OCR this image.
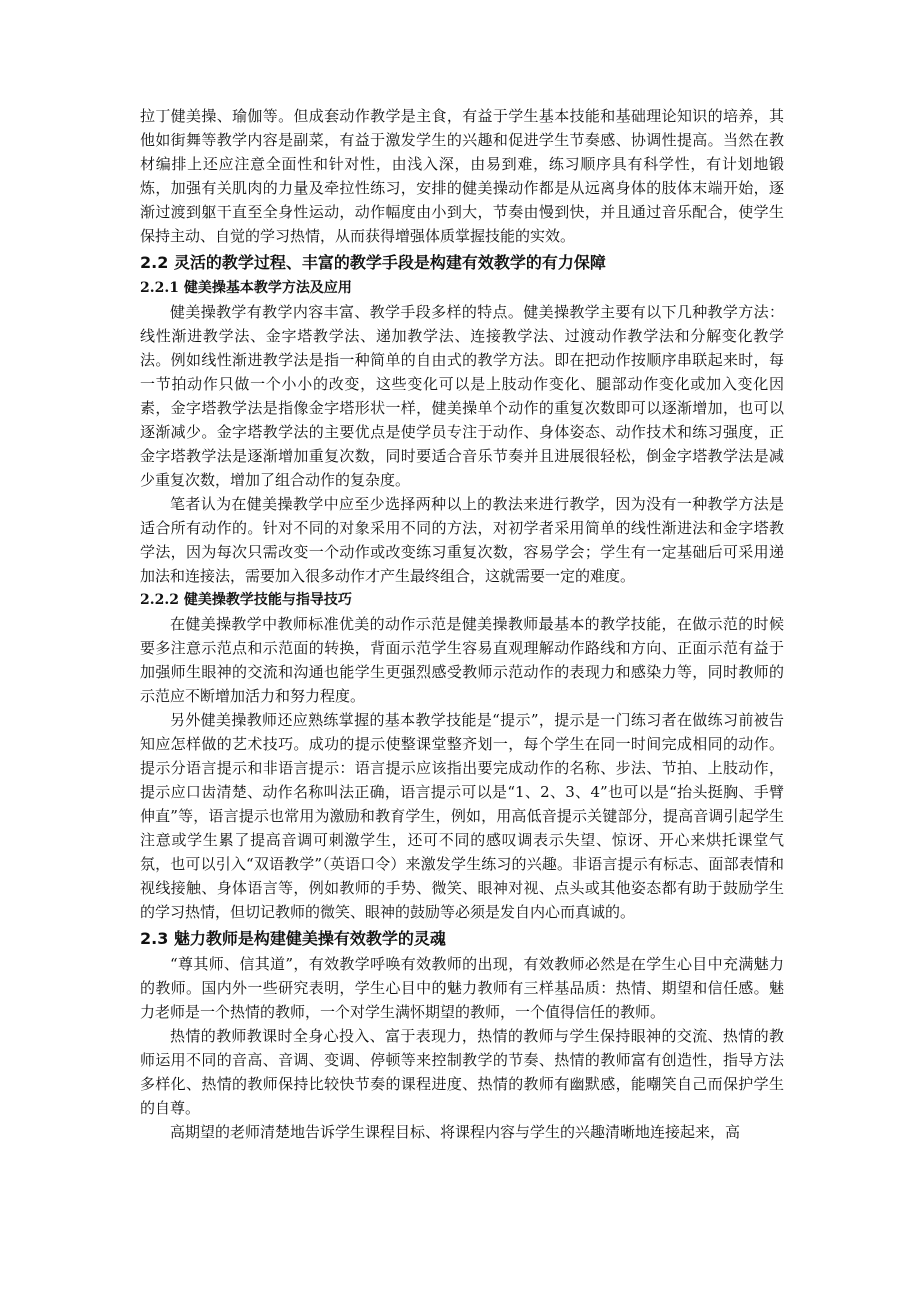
拉丁健美操、瑜伽等。但成套动作教学是主食，有益于学生基本技能和基础理论知识的培养，其他如街舞等教学内容是副菜，有益于激发学生的兴趣和促进学生节奏感、协调性提高。当然在教材编排上还应注意全面性和针对性，由浅入深，由易到难，练习顺序具有科学性，有计划地锻炼，加强有关肌肉的力量及牵拉性练习，安排的健美操动作都是从远离身体的肢体末端开始，逐渐过渡到躯干直至全身性运动，动作幅度由小到大，节奏由慢到快，并且通过音乐配合，使学生保持主动、自觉的学习热情，从而获得增强体质掌握技能的实效。

2.2 灵活的教学过程、丰富的教学手段是构建有效教学的有力保障
2.2.1 健美操基本教学方法及应用

健美操教学有教学内容丰富、教学手段多样的特点。健美操教学主要有以下几种教学方法：线性渐进教学法、金字塔教学法、递加教学法、连接教学法、过渡动作教学法和分解变化教学法。例如线性渐进教学法是指一种简单的自由式的教学方法。即在把动作按顺序串联起来时，每一节拍动作只做一个小小的改变，这些变化可以是上肢动作变化、腿部动作变化或加入变化因素，金字塔教学法是指像金字塔形状一样，健美操单个动作的重复次数即可以逐渐增加，也可以逐渐减少。金字塔教学法的主要优点是使学员专注于动作、身体姿态、动作技术和练习强度，正金字塔教学法是逐渐增加重复次数，同时要适合音乐节奏并且进展很轻松，倒金字塔教学法是减少重复次数，增加了组合动作的复杂度。

笔者认为在健美操教学中应至少选择两种以上的教法来进行教学，因为没有一种教学方法是适合所有动作的。针对不同的对象采用不同的方法，对初学者采用简单的线性渐进法和金字塔教学法，因为每次只需改变一个动作或改变练习重复次数，容易学会；学生有一定基础后可采用递加法和连接法，需要加入很多动作才产生最终组合，这就需要一定的难度。

2.2.2 健美操教学技能与指导技巧

在健美操教学中教师标准优美的动作示范是健美操教师最基本的教学技能，在做示范的时候要多注意示范点和示范面的转换，背面示范学生容易直观理解动作路线和方向、正面示范有益于加强师生眼神的交流和沟通也能学生更强烈感受教师示范动作的表现力和感染力等，同时教师的示范应不断增加活力和努力程度。

另外健美操教师还应熟练掌握的基本教学技能是“提示”，提示是一门练习者在做练习前被告知应怎样做的艺术技巧。成功的提示使整课堂整齐划一，每个学生在同一时间完成相同的动作。提示分语言提示和非语言提示：语言提示应该指出要完成动作的名称、步法、节拍、上肢动作，提示应口齿清楚、动作名称叫法正确，语言提示可以是“1、2、3、4”也可以是“抬头挺胸、手臂伸直”等，语言提示也常用为激励和教育学生，例如，用高低音提示关键部分，提高音调引起学生注意或学生累了提高音调可刺激学生，还可不同的感叹调表示失望、惊讶、开心来烘托课堂气氛，也可以引入“双语教学”（英语口令）来激发学生练习的兴趣。非语言提示有标志、面部表情和视线接触、身体语言等，例如教师的手势、微笑、眼神对视、点头或其他姿态都有助于鼓励学生的学习热情，但切记教师的微笑、眼神的鼓励等必须是发自内心而真诚的。

2.3 魅力教师是构建健美操有效教学的灵魂

“尊其师、信其道”，有效教学呼唤有效教师的出现，有效教师必然是在学生心目中充满魅力的教师。国内外一些研究表明，学生心目中的魅力教师有三样基品质：热情、期望和信任感。魅力老师是一个热情的教师，一个对学生满怀期望的教师，一个值得信任的教师。

热情的教师教课时全身心投入、富于表现力，热情的教师与学生保持眼神的交流、热情的教师运用不同的音高、音调、变调、停顿等来控制教学的节奏、热情的教师富有创造性，指导方法多样化、热情的教师保持比较快节奏的课程进度、热情的教师有幽默感，能嘲笑自己而保护学生的自尊。

高期望的老师清楚地告诉学生课程目标、将课程内容与学生的兴趣清晰地连接起来，高
